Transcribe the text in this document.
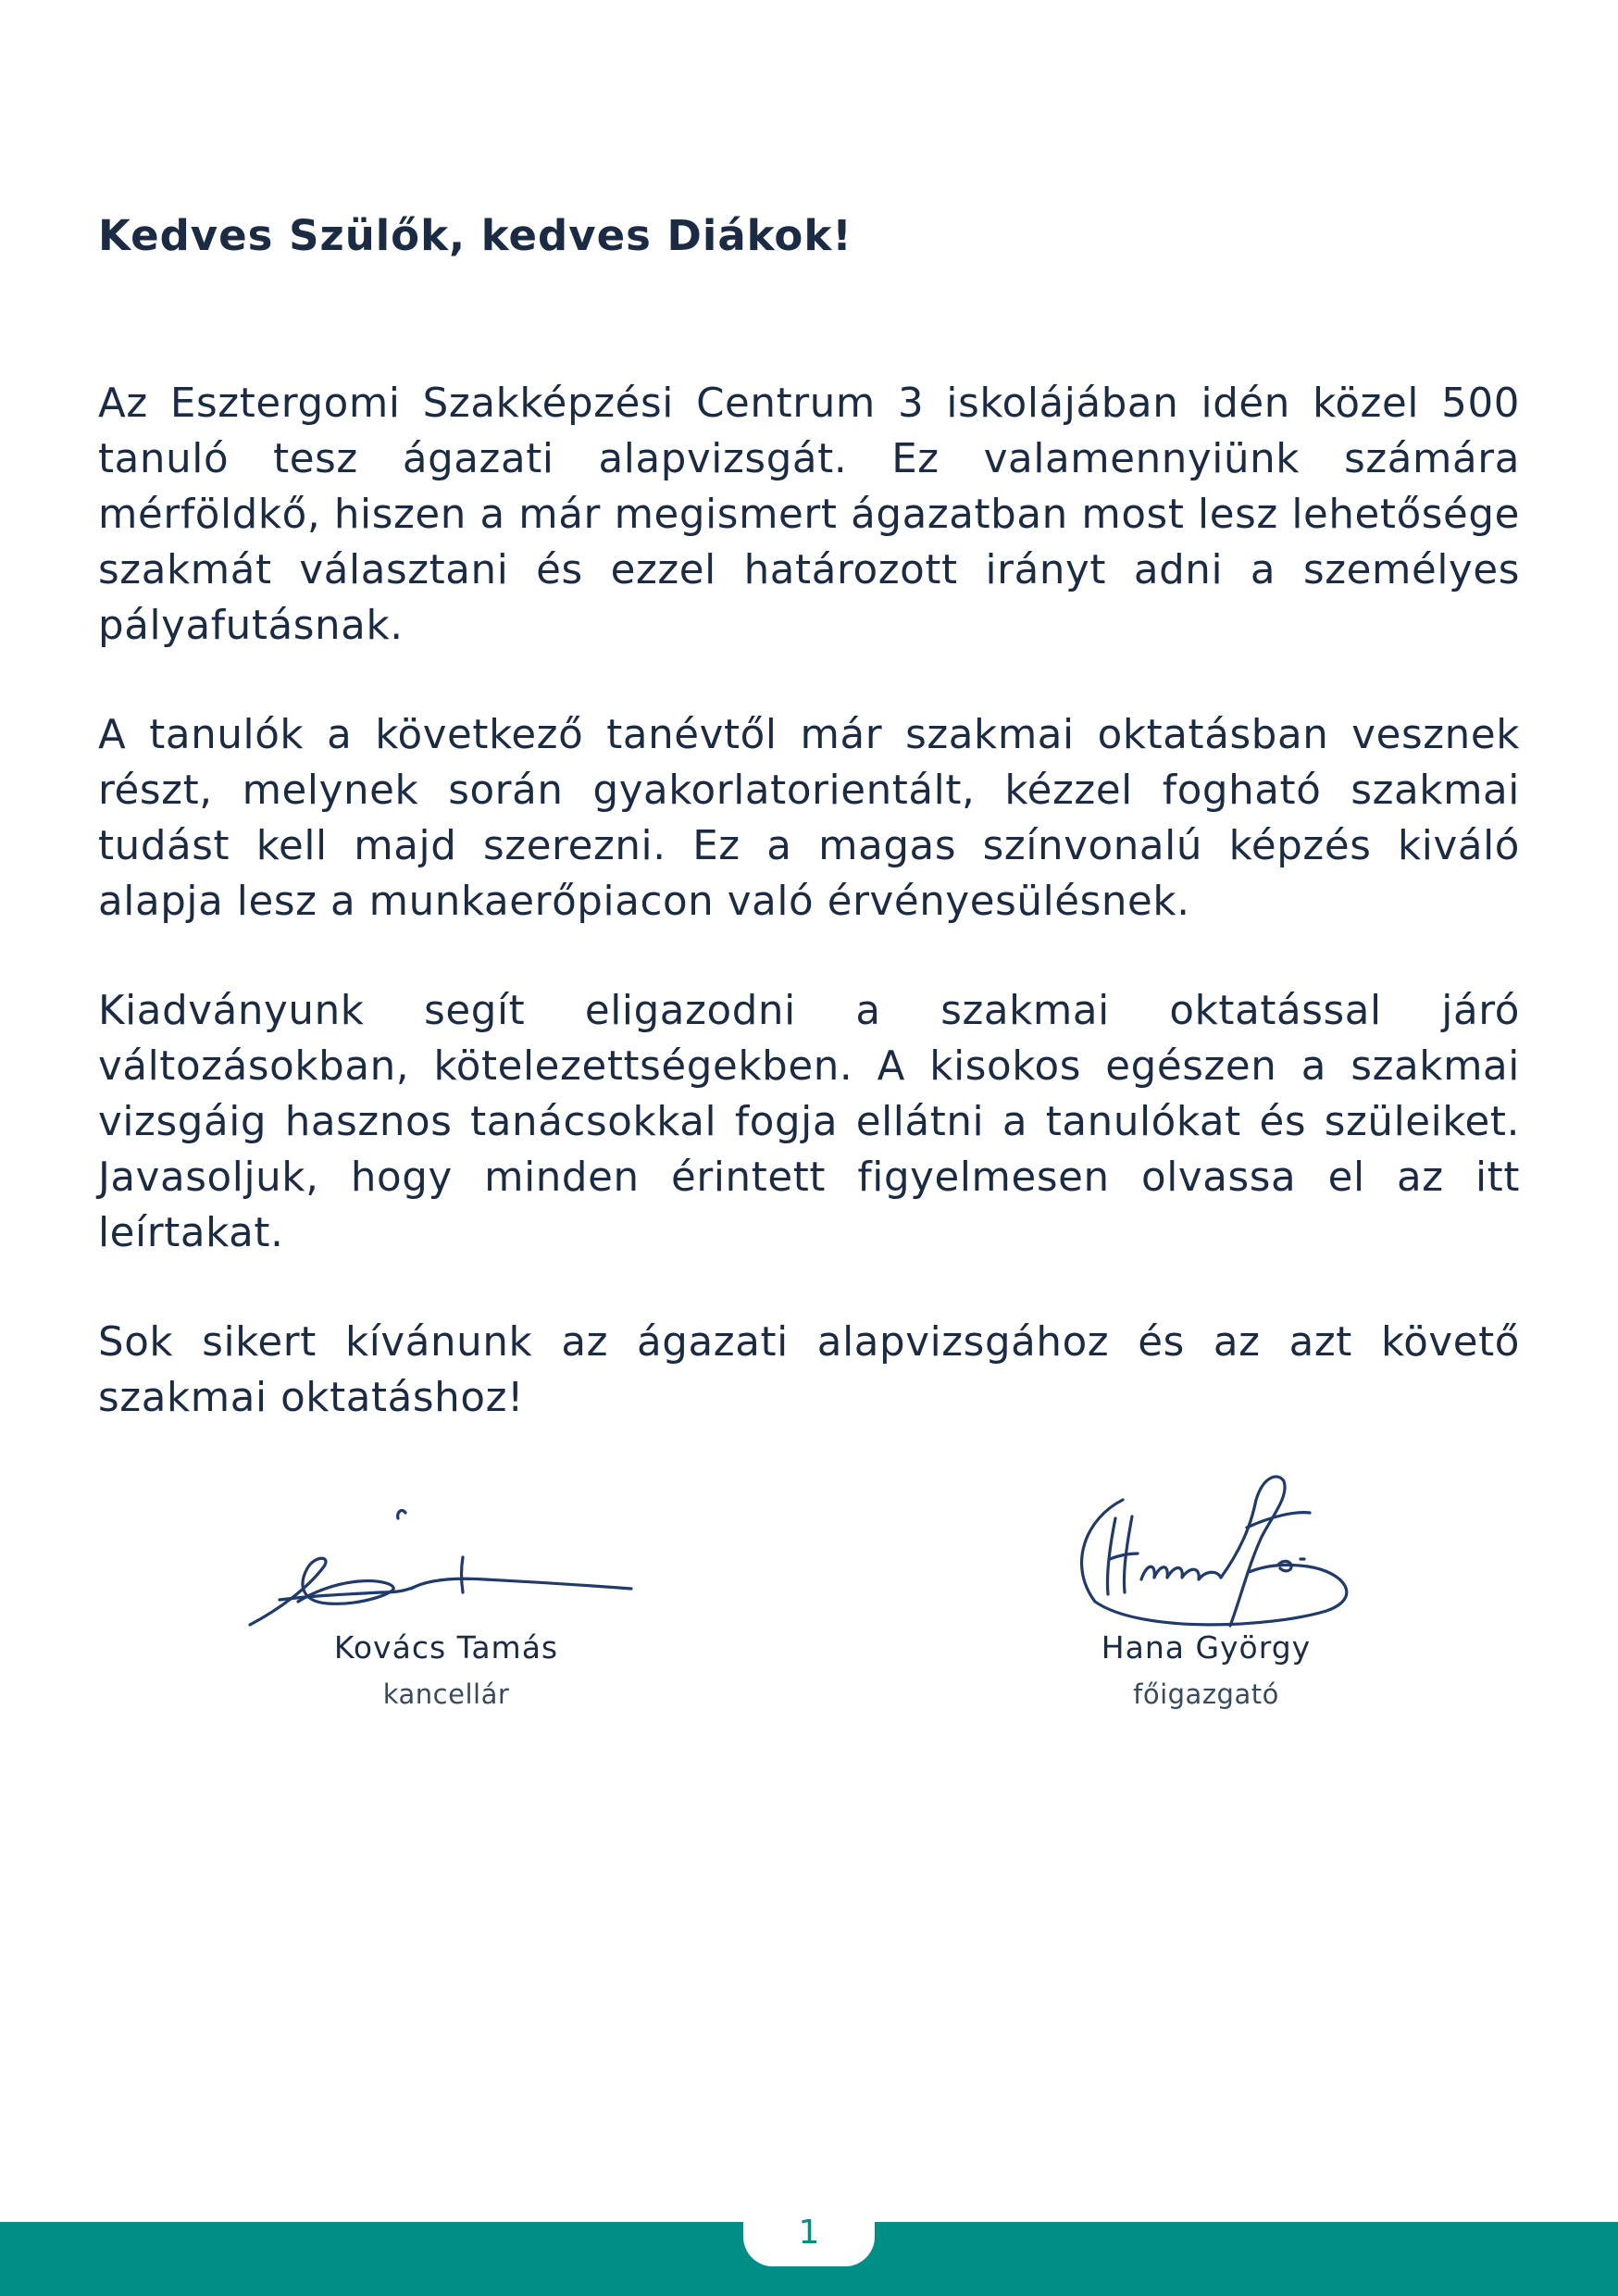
Kedves Szülők, kedves Diákok!

Az Esztergomi Szakképzési Centrum 3 iskolájában idén közel 500 tanuló tesz ágazati alapvizsgát. Ez valamennyiünk számára mérföldkő, hiszen a már megismert ágazatban most lesz lehetősége szakmát választani és ezzel határozott irányt adni a személyes pályafutásnak.

A tanulók a következő tanévtől már szakmai oktatásban vesznek részt, melynek során gyakorlatorientált, kézzel fogható szakmai tudást kell majd szerezni. Ez a magas színvonalú képzés kiváló alapja lesz a munkaerőpiacon való érvényesülésnek.

Kiadványunk segít eligazodni a szakmai oktatással járó változásokban, kötelezettségekben. A kisokos egészen a szakmai vizsgáig hasznos tanácsokkal fogja ellátni a tanulókat és szüleiket. Javasoljuk, hogy minden érintett figyelmesen olvassa el az itt leírtakat.

Sok sikert kívánunk az ágazati alapvizsgához és az azt követő szakmai oktatáshoz!

Kovács Tamás
kancellár
Hana György
főigazgató
1
